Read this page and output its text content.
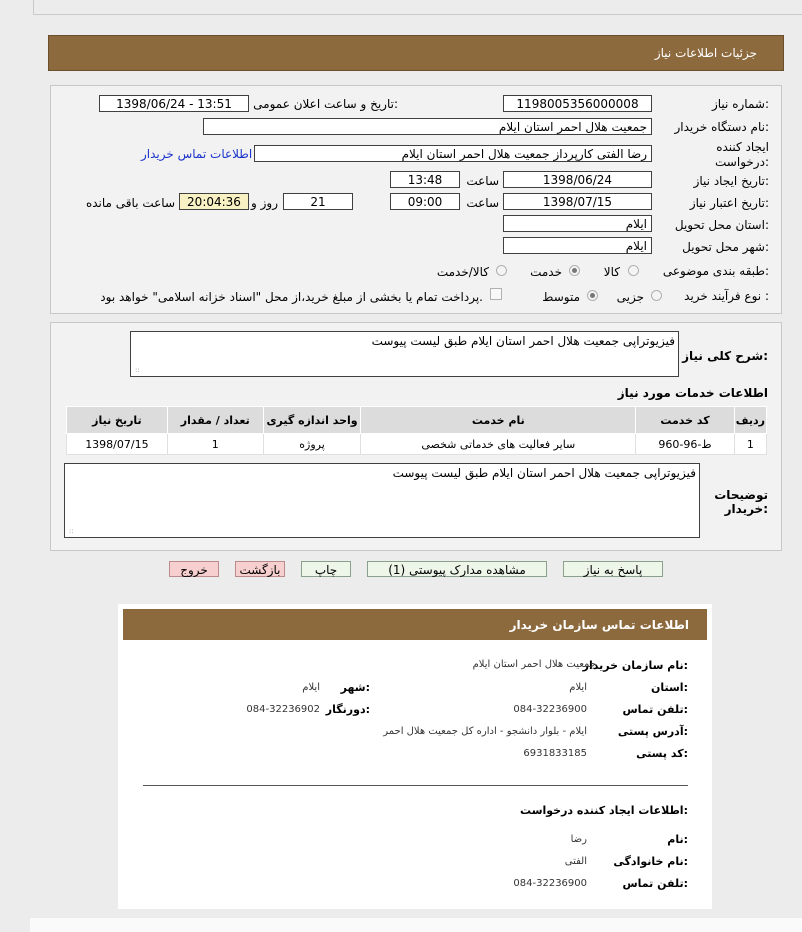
جزئیات اطلاعات نیاز
شماره نیاز:
1198005356000008
تاریخ و ساعت اعلان عمومی:
1398/06/24 - 13:51
نام دستگاه خریدار:
جمعیت هلال احمر استان ایلام
ایجاد کننده
درخواست:
رضا الفتی کارپرداز جمعیت هلال احمر استان ایلام
اطلاعات تماس خریدار
تاریخ ایجاد نیاز:
1398/06/24
ساعت
13:48
تاریخ اعتبار نیاز:
1398/07/15
ساعت
09:00
21
روز و
20:04:36
ساعت باقی مانده
استان محل تحویل:
ایلام
شهر محل تحویل:
ایلام
طبقه بندی موضوعی:
کالا
خدمت
کالا/خدمت
نوع فرآیند خرید :
جزیی
متوسط
پرداخت تمام یا بخشی از مبلغ خرید،از محل "اسناد خزانه اسلامی" خواهد بود.
شرح کلی نیاز:
فیزیوتراپی جمعیت هلال احمر استان ایلام طبق لیست پیوست
::
اطلاعات خدمات مورد نیاز
تاریخ نیاز	تعداد / مقدار	واحد اندازه گیری	نام خدمت	کد خدمت	ردیف
1398/07/15	1	پروژه	سایر فعالیت های خدماتی شخصی	ط-96-960	1
فیزیوتراپی جمعیت هلال احمر استان ایلام طبق لیست پیوست
::
توضیحات
خریدار:
پاسخ به نیاز
مشاهده مدارک پیوستی (1)
چاپ
بازگشت
خروج
اطلاعات تماس سازمان خریدار
نام سازمان خریدار:
جمعیت هلال احمر استان ایلام
استان:
ایلام
شهر:
ایلام
تلفن تماس:
084-32236900
دورنگار:
084-32236902
آدرس پستی:
ایلام - بلوار دانشجو - اداره کل جمعیت هلال احمر
کد پستی:
6931833185
اطلاعات ایجاد کننده درخواست:
نام:
رضا
نام خانوادگی:
الفتی
تلفن تماس:
084-32236900
